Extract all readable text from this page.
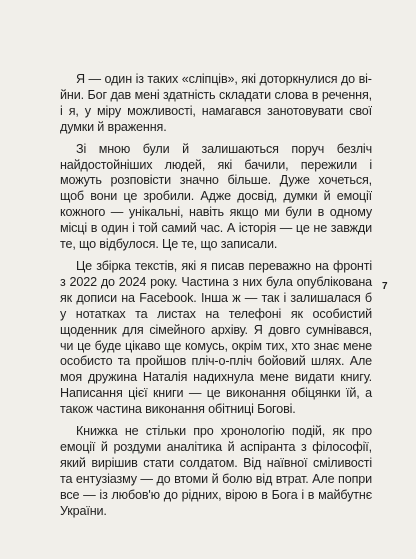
Я — один із таких «сліпців», які доторкнулися до війни. Бог дав мені здатність складати слова в речення, і я, у міру можливості, намагався занотовувати свої думки й враження.

Зі мною були й залишаються поруч безліч найдостойніших людей, які бачили, пережили і можуть розповісти значно більше. Дуже хочеться, щоб вони це зробили. Адже досвід, думки й емоції кожного — унікальні, навіть якщо ми були в одному місці в один і той самий час. А історія — це не завжди те, що відбулося. Це те, що записали.

Це збірка текстів, які я писав переважно на фронті з 2022 до 2024 року. Частина з них була опублікована як дописи на Facebook. Інша ж — так і залишалася б у нотатках та листах на телефоні як особистий щоденник для сімейного архіву. Я довго сумнівався, чи це буде цікаво ще комусь, окрім тих, хто знає мене особисто та пройшов пліч-о-пліч бойовий шлях. Але моя дружина Наталія надихнула мене видати книгу. Написання цієї книги — це виконання обіцянки їй, а також частина виконання обітниці Богові.

Книжка не стільки про хронологію подій, як про емоції й роздуми аналітика й аспіранта з філософії, який вирішив стати солдатом. Від наївної сміливості та ентузіазму — до втоми й болю від втрат. Але попри все — із любов'ю до рідних, вірою в Бога і в майбутнє України.

7
